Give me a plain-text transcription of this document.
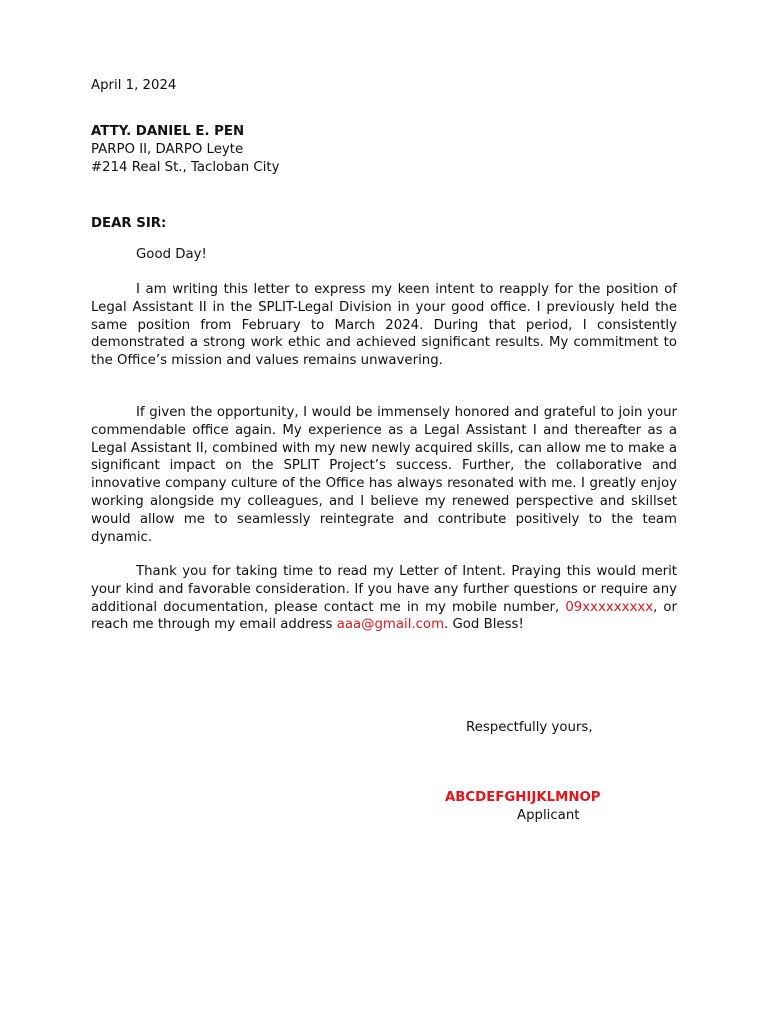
April 1, 2024
ATTY. DANIEL E. PEN
PARPO II, DARPO Leyte
#214 Real St., Tacloban City
DEAR SIR:
Good Day!

I am writing this letter to express my keen intent to reapply for the position of Legal Assistant II in the SPLIT-Legal Division in your good office. I previously held the same position from February to March 2024. During that period, I consistently demonstrated a strong work ethic and achieved significant results. My commitment to the Office’s mission and values remains unwavering.

If given the opportunity, I would be immensely honored and grateful to join your commendable office again. My experience as a Legal Assistant I and thereafter as a Legal Assistant II, combined with my new newly acquired skills, can allow me to make a significant impact on the SPLIT Project’s success. Further, the collaborative and innovative company culture of the Office has always resonated with me. I greatly enjoy working alongside my colleagues, and I believe my renewed perspective and skillset would allow me to seamlessly reintegrate and contribute positively to the team dynamic.

Thank you for taking time to read my Letter of Intent. Praying this would merit your kind and favorable consideration. If you have any further questions or require any additional documentation, please contact me in my mobile number, 09xxxxxxxxx, or reach me through my email address aaa@gmail.com. God Bless!

Respectfully yours,
ABCDEFGHIJKLMNOP
Applicant
